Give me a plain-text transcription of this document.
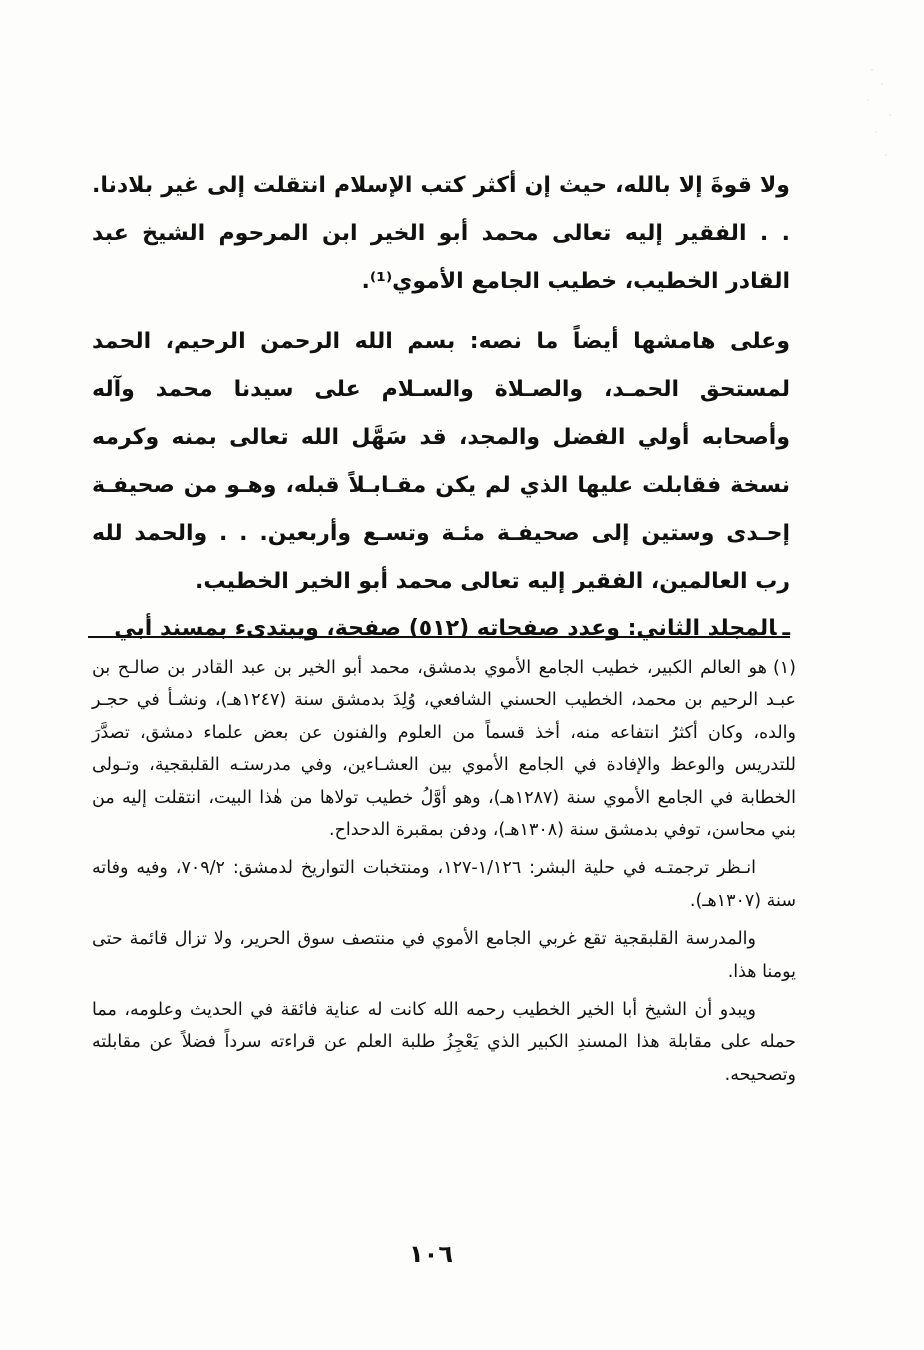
ولا قوةَ إلا بالله، حيث إن أكثر كتب الإسلام انتقلت إلى غير بلادنا. . . الفقير إليه تعالى محمد أبو الخير ابن المرحوم الشيخ عبد القادر الخطيب، خطيب الجامع الأموي⁽¹⁾.

وعلى هامشها أيضاً ما نصه: بسم الله الرحمن الرحيم، الحمد لمستحق الحمـد، والصـلاة والسـلام على سيدنا محمد وآله وأصحابه أولي الفضل والمجد، قد سَهَّل الله تعالى بمنه وكرمه نسخة فقابلت عليها الذي لم يكن مقـابـلاً قبله، وهـو من صحيفـة إحـدى وستين إلى صحيفـة مئـة وتسـع وأربعين. . . والحمد لله رب العالمين، الفقير إليه تعالى محمد أبو الخير الخطيب.

ـالمجلد الثاني: وعدد صفحاته (٥١٢) صفحة، ويبتدىء بمسند أبي

(١)هو العالم الكبير، خطيب الجامع الأموي بدمشق، محمد أبو الخير بن عبد القادر بن صالـح بن عبـد الرحيم بن محمد، الخطيب الحسني الشافعي، وُلِدَ بدمشق سنة (١٢٤٧هـ)، ونشـأ في حجـر والده، وكان أكثرُ انتفاعه منه، أخذ قسماً من العلوم والفنون عن بعض علماء دمشق، تصدَّرَ للتدريس والوعظ والإفادة في الجامع الأموي بين العشـاءين، وفي مدرستـه القلبقجية، وتـولى الخطابة في الجامع الأموي سنة (١٢٨٧هـ)، وهو أوَّلُ خطيب تولاها من هٰذا البيت، انتقلت إليه من بني محاسن، توفي بدمشق سنة (١٣٠٨هـ)، ودفن بمقبرة الدحداح.

انـظر ترجمتـه في حلية البشر: ١/١٢٦-١٢٧، ومنتخبات التواريخ لدمشق: ٧٠٩/٢، وفيه وفاته سنة (١٣٠٧هـ).

والمدرسة القلبقجية تقع غربي الجامع الأموي في منتصف سوق الحرير، ولا تزال قائمة حتى يومنا هذا.

ويبدو أن الشيخ أبا الخير الخطيب رحمه الله كانت له عناية فائقة في الحديث وعلومه، مما حمله على مقابلة هذا المسندِ الكبير الذي يَعْجِزُ طلبة العلم عن قراءته سرداً فضلاً عن مقابلته وتصحيحه.

١٠٦
